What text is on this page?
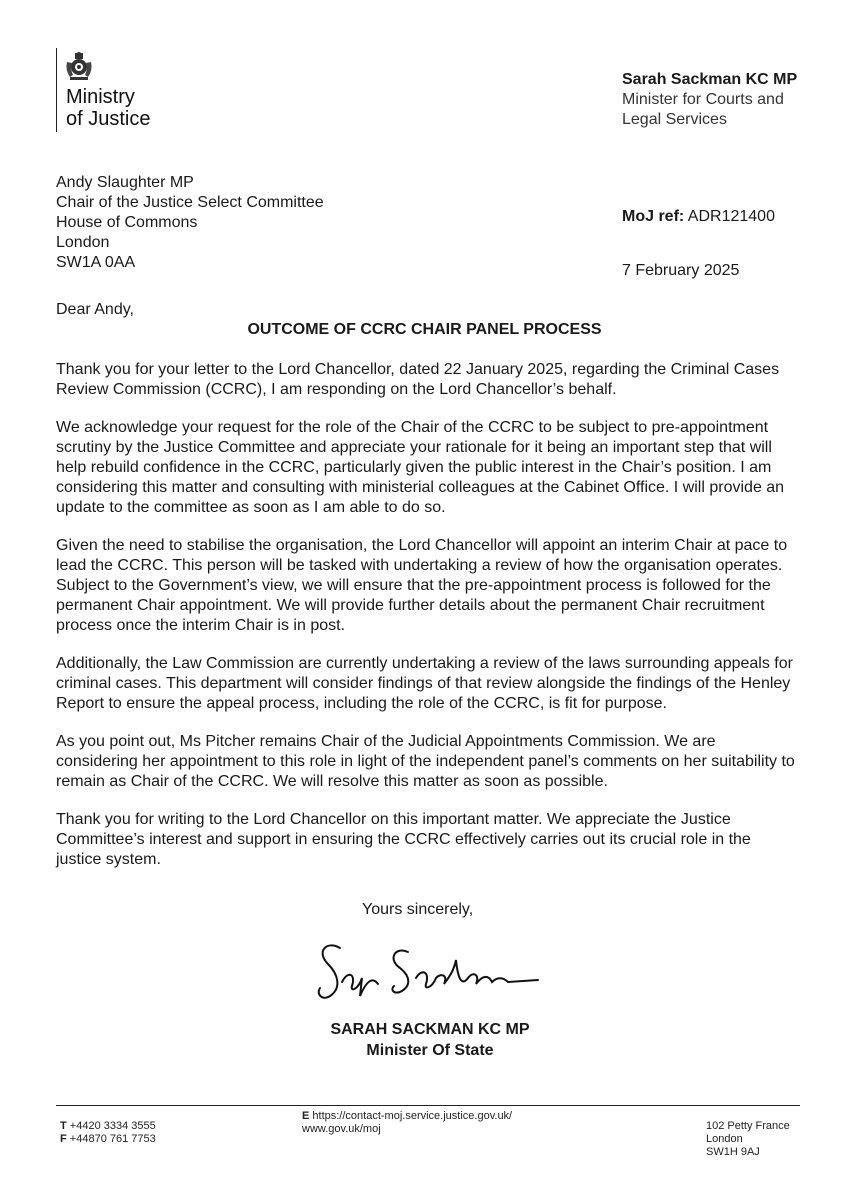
Ministry
of Justice
Sarah Sackman KC MP
Minister for Courts and
Legal Services
Andy Slaughter MP
Chair of the Justice Select Committee
House of Commons
London
SW1A 0AA
MoJ ref: ADR121400
7 February 2025
Dear Andy,
OUTCOME OF CCRC CHAIR PANEL PROCESS

Thank you for your letter to the Lord Chancellor, dated 22 January 2025, regarding the Criminal Cases Review Commission (CCRC), I am responding on the Lord Chancellor’s behalf.

We acknowledge your request for the role of the Chair of the CCRC to be subject to pre-appointment scrutiny by the Justice Committee and appreciate your rationale for it being an important step that will help rebuild confidence in the CCRC, particularly given the public interest in the Chair’s position. I am considering this matter and consulting with ministerial colleagues at the Cabinet Office. I will provide an update to the committee as soon as I am able to do so.

Given the need to stabilise the organisation, the Lord Chancellor will appoint an interim Chair at pace to lead the CCRC. This person will be tasked with undertaking a review of how the organisation operates. Subject to the Government’s view, we will ensure that the pre-appointment process is followed for the permanent Chair appointment. We will provide further details about the permanent Chair recruitment process once the interim Chair is in post.

Additionally, the Law Commission are currently undertaking a review of the laws surrounding appeals for criminal cases. This department will consider findings of that review alongside the findings of the Henley Report to ensure the appeal process, including the role of the CCRC, is fit for purpose.

As you point out, Ms Pitcher remains Chair of the Judicial Appointments Commission. We are considering her appointment to this role in light of the independent panel’s comments on her suitability to remain as Chair of the CCRC. We will resolve this matter as soon as possible.

Thank you for writing to the Lord Chancellor on this important matter. We appreciate the Justice Committee’s interest and support in ensuring the CCRC effectively carries out its crucial role in the justice system.

Yours sincerely,
SARAH SACKMAN KC MP
Minister Of State
T +4420 3334 3555
F +44870 761 7753
E https://contact-moj.service.justice.gov.uk/
www.gov.uk/moj	102 Petty France
London
SW1H 9AJ
